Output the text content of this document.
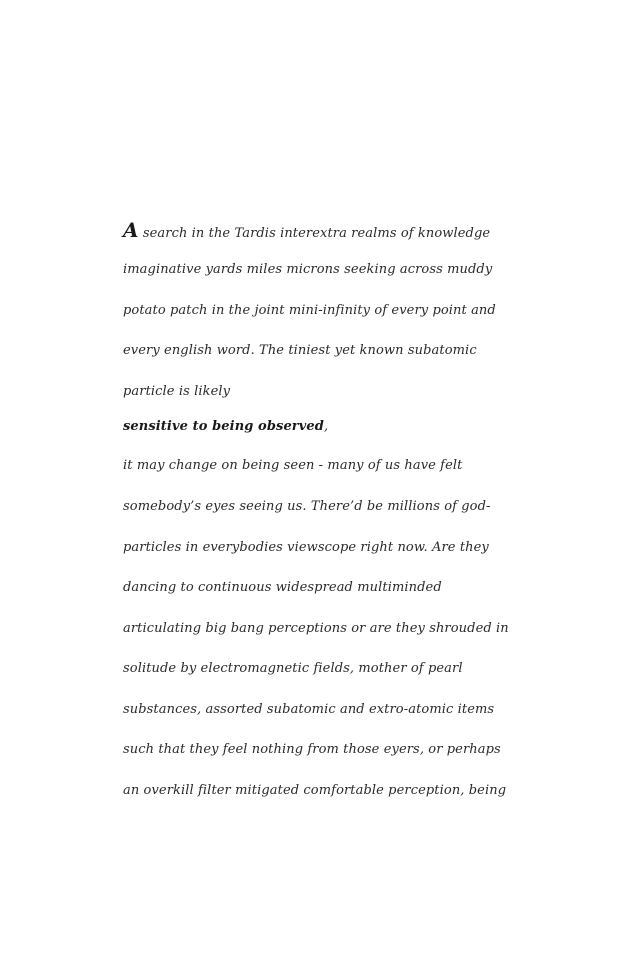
A search in the Tardis interextra realms of knowledge
imaginative yards miles microns seeking across muddy
potato patch in the joint mini-infinity of every point and
every english word. The tiniest yet known subatomic
particle is likely
sensitive to being observed,
it may change on being seen - many of us have felt
somebody’s eyes seeing us. There’d be millions of god-
particles in everybodies viewscope right now. Are they
dancing to continuous widespread multiminded
articulating big bang perceptions or are they shrouded in
solitude by electromagnetic fields, mother of pearl
substances, assorted subatomic and extro-atomic items
such that they feel nothing from those eyers, or perhaps
an overkill filter mitigated comfortable perception, being
